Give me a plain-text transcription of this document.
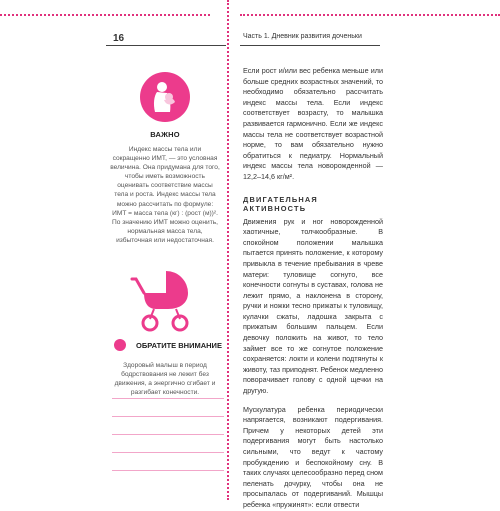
16	Часть 1. Дневник развития доченьки
ВАЖНО
Индекс массы тела или сокращенно ИМТ, — это условная величина. Она придумана для того, чтобы иметь возможность оценивать соответствие массы тела и роста. Индекс массы тела можно рассчитать по формуле: ИМТ = масса тела (кг) : (рост (м))². По значению ИМТ можно оценить, нормальная масса тела, избыточная или недостаточная.
ОБРАТИТЕ ВНИМАНИЕ
Здоровый малыш в период бодрствования не лежит без движения, а энергично сгибает и разгибает конечности.

Если рост и/или вес ребенка меньше или больше средних возрастных значений, то необходимо обязательно рассчитать индекс массы тела. Если индекс соответствует возрасту, то малышка развивается гармонично. Если же индекс массы тела не соответствует возрастной норме, то вам обязательно нужно обратиться к педиатру. Нормальный индекс массы тела новорожденной — 12,2–14,6 кг/м².

ДВИГАТЕЛЬНАЯ АКТИВНОСТЬ

Движения рук и ног новорожденной хаотичные, толчкообразные. В спокойном положении малышка пытается принять положение, к которому привыкла в течение пребывания в чреве матери: туловище согнуто, все конечности согнуты в суставах, голова не лежит прямо, а наклонена в сторону, ручки и ножки тесно прижаты к туловищу, кулачки сжаты, ладошка закрыта с прижатым большим пальцем. Если девочку положить на живот, то тело займет все то же согнутое положение сохраняется: локти и колени подтянуты к животу, таз приподнят. Ребенок медленно поворачивает голову с одной щечки на другую.

Мускулатура ребенка периодически напрягается, возникают подергивания. Причем у некоторых детей эти подергивания могут быть настолько сильными, что ведут к частому пробуждению и беспокойному сну. В таких случаях целесообразно перед сном пеленать дочурку, чтобы она не просыпалась от подергиваний. Мышцы ребенка «пружинят»: если отвести
